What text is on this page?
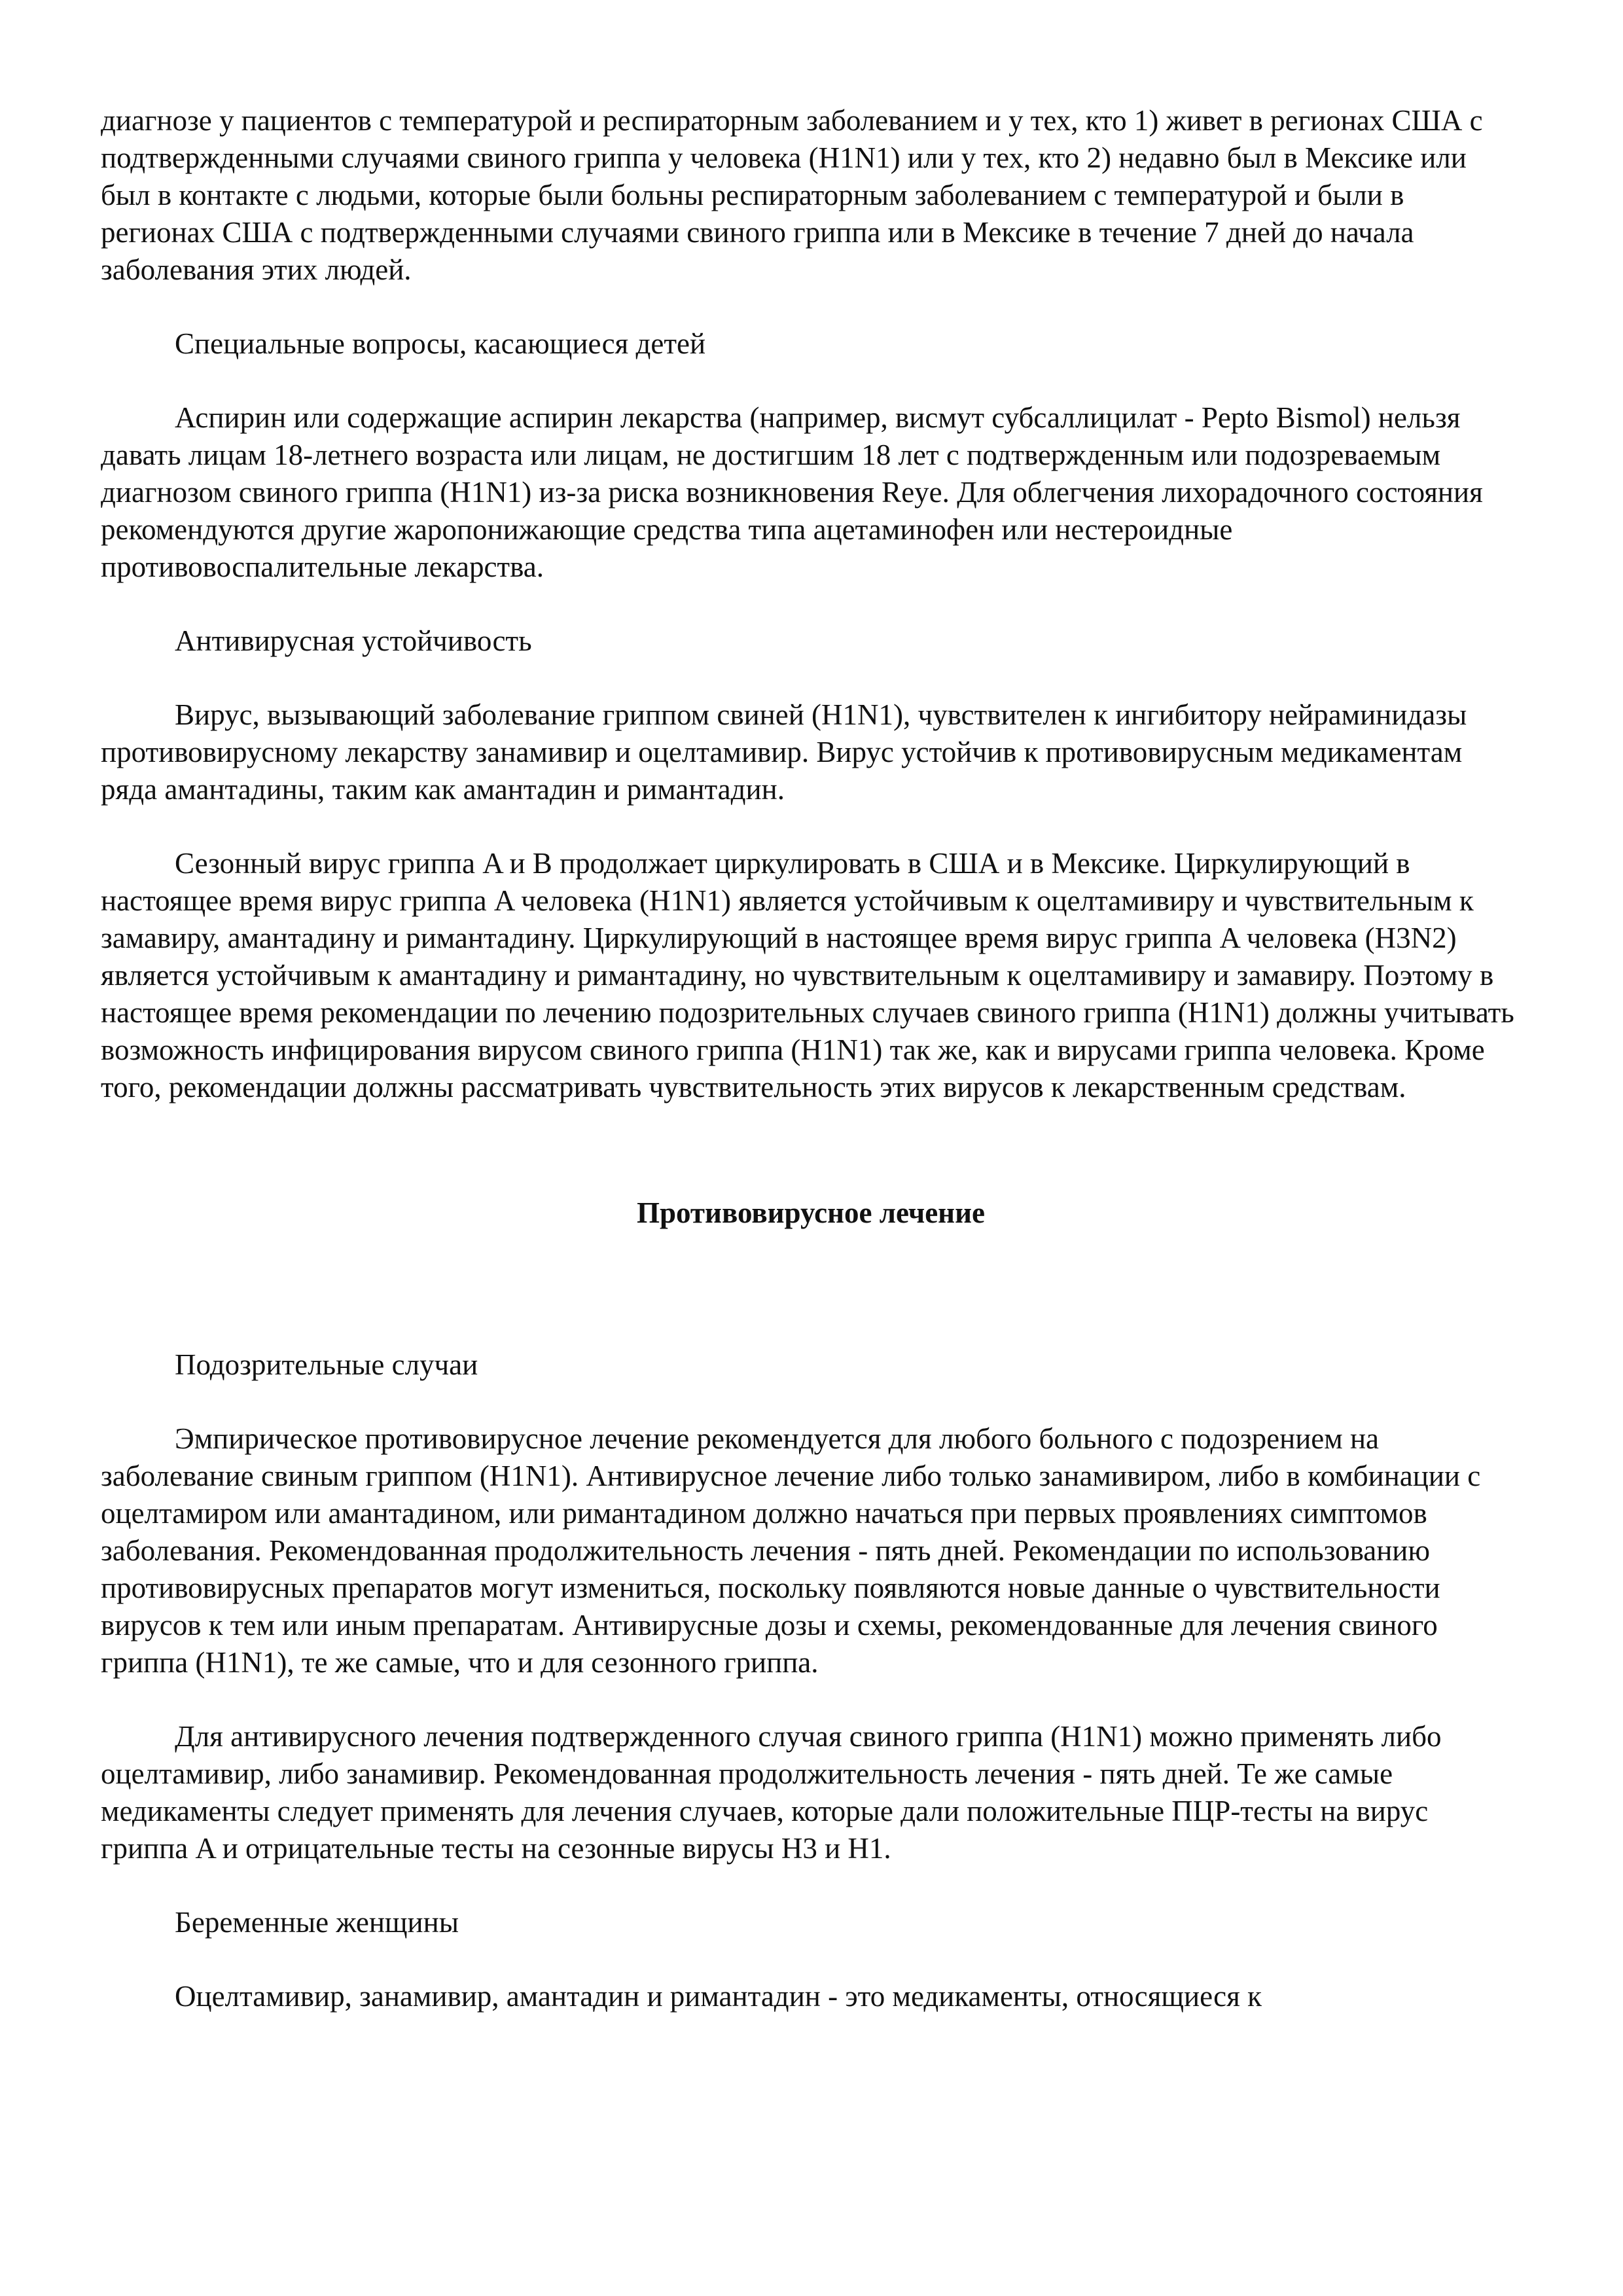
диагнозе у пациентов с температурой и респираторным заболеванием и у тех, кто 1) живет в регионах США с подтвержденными случаями свиного гриппа у человека (H1N1) или у тех, кто 2) недавно был в Мексике или был в контакте с людьми, которые были больны респираторным заболеванием с температурой и были в регионах США с подтвержденными случаями свиного гриппа или в Мексике в течение 7 дней до начала заболевания этих людей.

Специальные вопросы, касающиеся детей

Аспирин или содержащие аспирин лекарства (например, висмут субсаллицилат - Pepto Bismol) нельзя давать лицам 18-летнего возраста или лицам, не достигшим 18 лет с подтвержденным или подозреваемым диагнозом свиного гриппа (H1N1) из-за риска возникновения Reye. Для облегчения лихорадочного состояния рекомендуются другие жаропонижающие средства типа ацетаминофен или нестероидные противовоспалительные лекарства.

Антивирусная устойчивость

Вирус, вызывающий заболевание гриппом свиней (H1N1), чувствителен к ингибитору нейраминидазы противовирусному лекарству занамивир и оцелтамивир. Вирус устойчив к противовирусным медикаментам ряда амантадины, таким как амантадин и римантадин.

Сезонный вирус гриппа A и B продолжает циркулировать в США и в Мексике. Циркулирующий в настоящее время вирус гриппа A человека (H1N1) является устойчивым к оцелтамивиру и чувствительным к замавиру, амантадину и римантадину. Циркулирующий в настоящее время вирус гриппа A человека (H3N2) является устойчивым к амантадину и римантадину, но чувствительным к оцелтамивиру и замавиру. Поэтому в настоящее время рекомендации по лечению подозрительных случаев свиного гриппа (H1N1) должны учитывать возможность инфицирования вирусом свиного гриппа (H1N1) так же, как и вирусами гриппа человека. Кроме того, рекомендации должны рассматривать чувствительность этих вирусов к лекарственным средствам.

Противовирусное лечение

Подозрительные случаи

Эмпирическое противовирусное лечение рекомендуется для любого больного с подозрением на заболевание свиным гриппом (H1N1). Антивирусное лечение либо только занамивиром, либо в комбинации с оцелтамиром или амантадином, или римантадином должно начаться при первых проявлениях симптомов заболевания. Рекомендованная продолжительность лечения - пять дней. Рекомендации по использованию противовирусных препаратов могут измениться, поскольку появляются новые данные о чувствительности вирусов к тем или иным препаратам. Антивирусные дозы и схемы, рекомендованные для лечения свиного гриппа (H1N1), те же самые, что и для сезонного гриппа.

Для антивирусного лечения подтвержденного случая свиного гриппа (H1N1) можно применять либо оцелтамивир, либо занамивир. Рекомендованная продолжительность лечения - пять дней. Те же самые медикаменты следует применять для лечения случаев, которые дали положительные ПЦР-тесты на вирус гриппа A и отрицательные тесты на сезонные вирусы H3 и H1.

Беременные женщины

Оцелтамивир, занамивир, амантадин и римантадин - это медикаменты, относящиеся к
